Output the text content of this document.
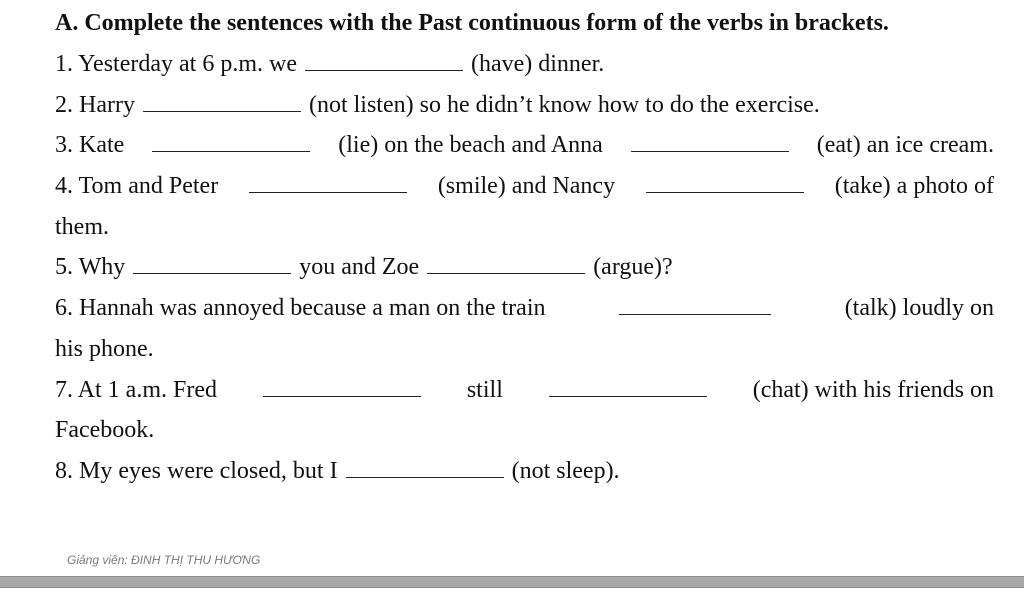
A. Complete the sentences with the Past continuous form of the verbs in brackets.

1. Yesterday at 6 p.m. we	(have) dinner.
2. Harry	(not listen) so he didn’t know how to do the exercise.
3. Kate	(lie) on the beach and Anna	(eat) an ice cream.
4. Tom and Peter	(smile) and Nancy	(take) a photo of
them.
5. Why	you and Zoe	(argue)?
6. Hannah was annoyed because a man on the train	(talk) loudly on
his phone.
7. At 1 a.m. Fred	still	(chat) with his friends on
Facebook.
8. My eyes were closed, but I	(not sleep).
Giảng viên: ĐINH THỊ THU HƯƠNG
